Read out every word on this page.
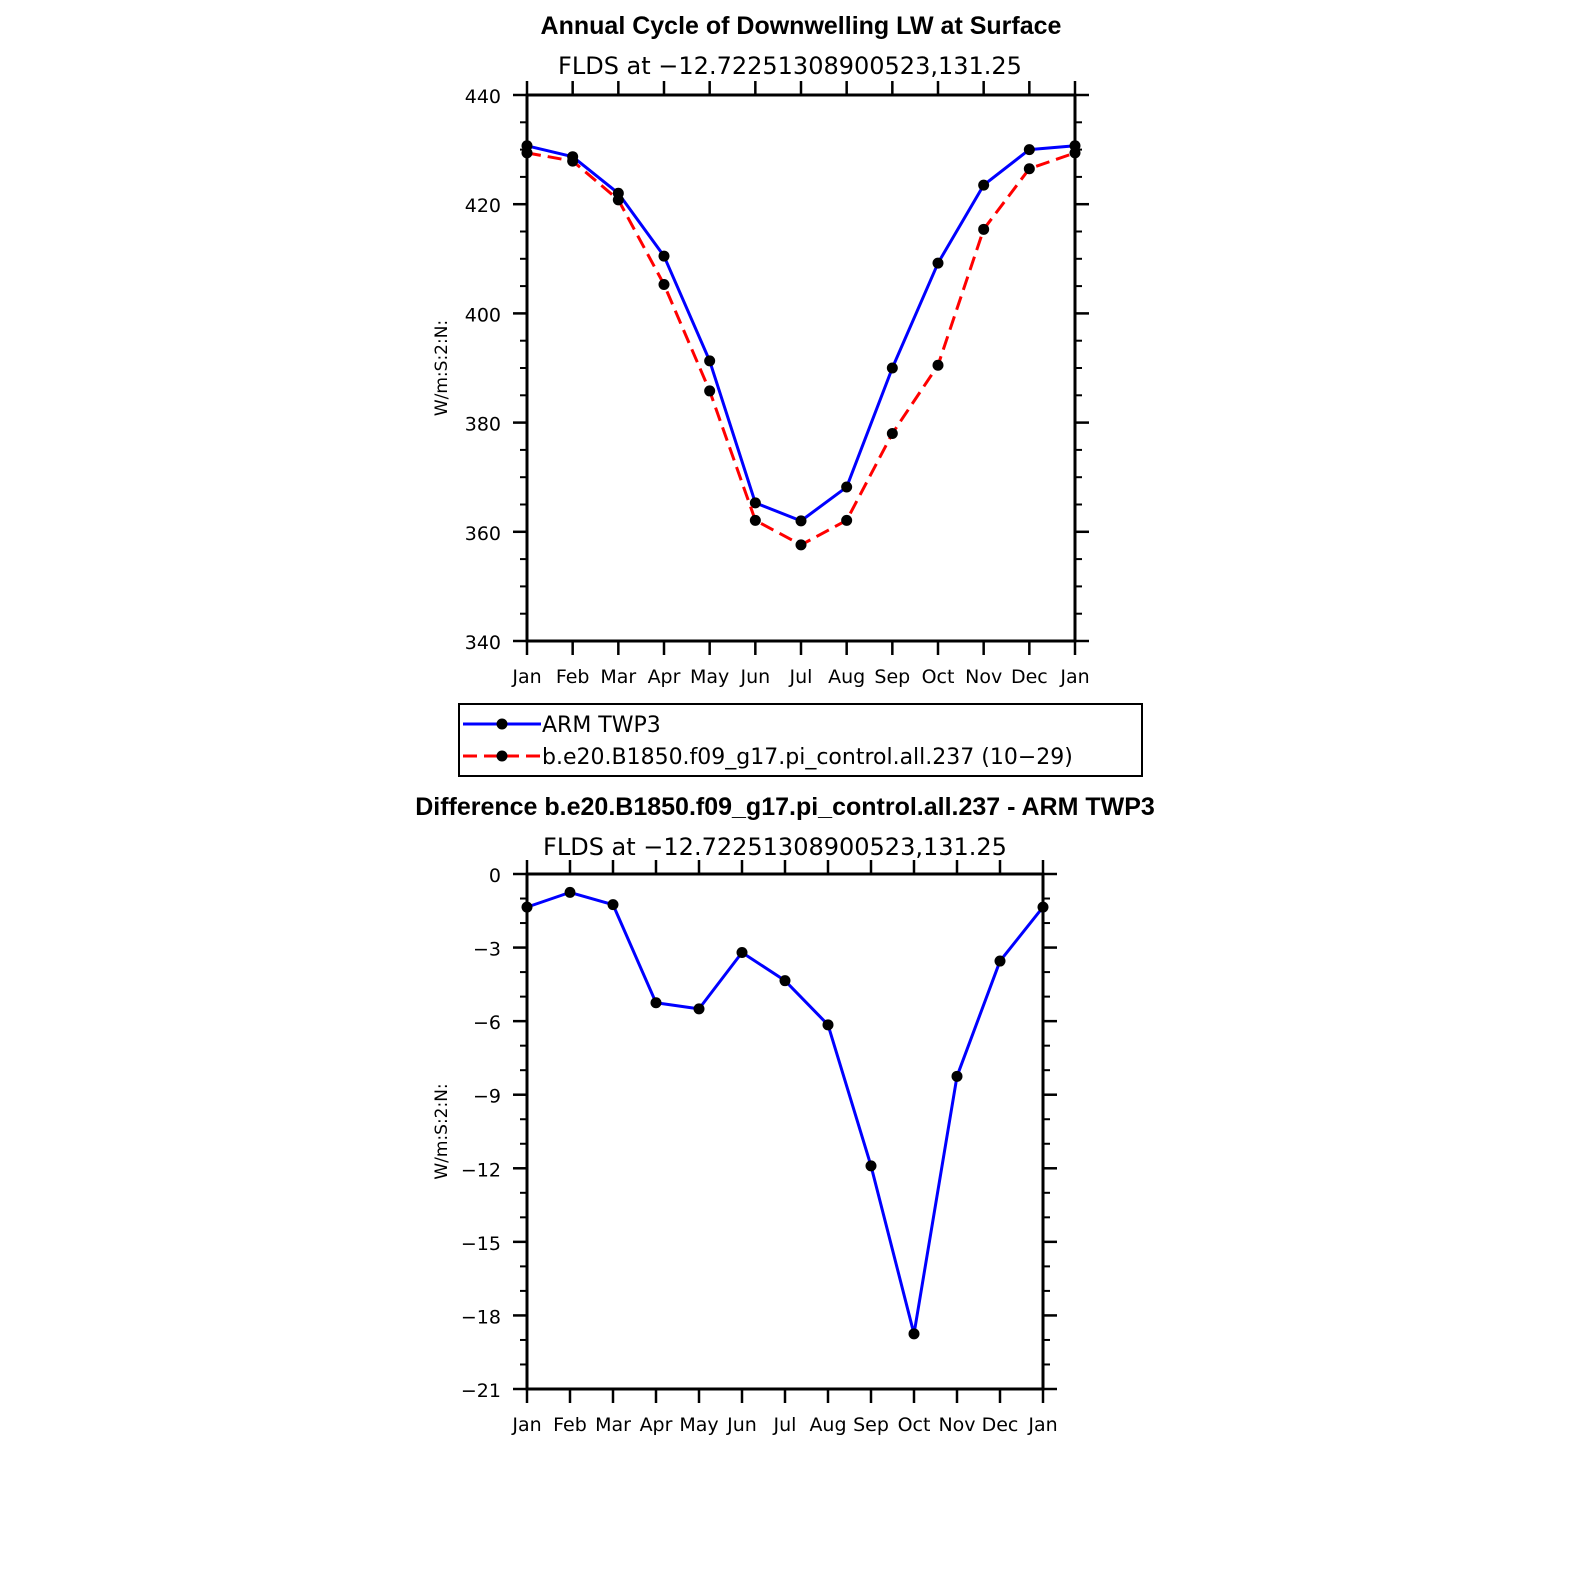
Annual Cycle of Downwelling LW at Surface
FLDS at −12.72251308900523,131.25
Jan Feb Mar Apr May Jun Jul Aug Sep Oct Nov Dec Jan
340
360
380
400
420
440
W/m:S:2:N:
ARM TWP3
b.e20.B1850.f09_g17.pi_control.all.237 (10−29)
Difference b.e20.B1850.f09_g17.pi_control.all.237 - ARM TWP3
FLDS at −12.72251308900523,131.25
Jan Feb Mar Apr May Jun Jul Aug Sep Oct Nov Dec Jan
−21
−18
−15
−12
−9
−6
−3
0
W/m:S:2:N:
